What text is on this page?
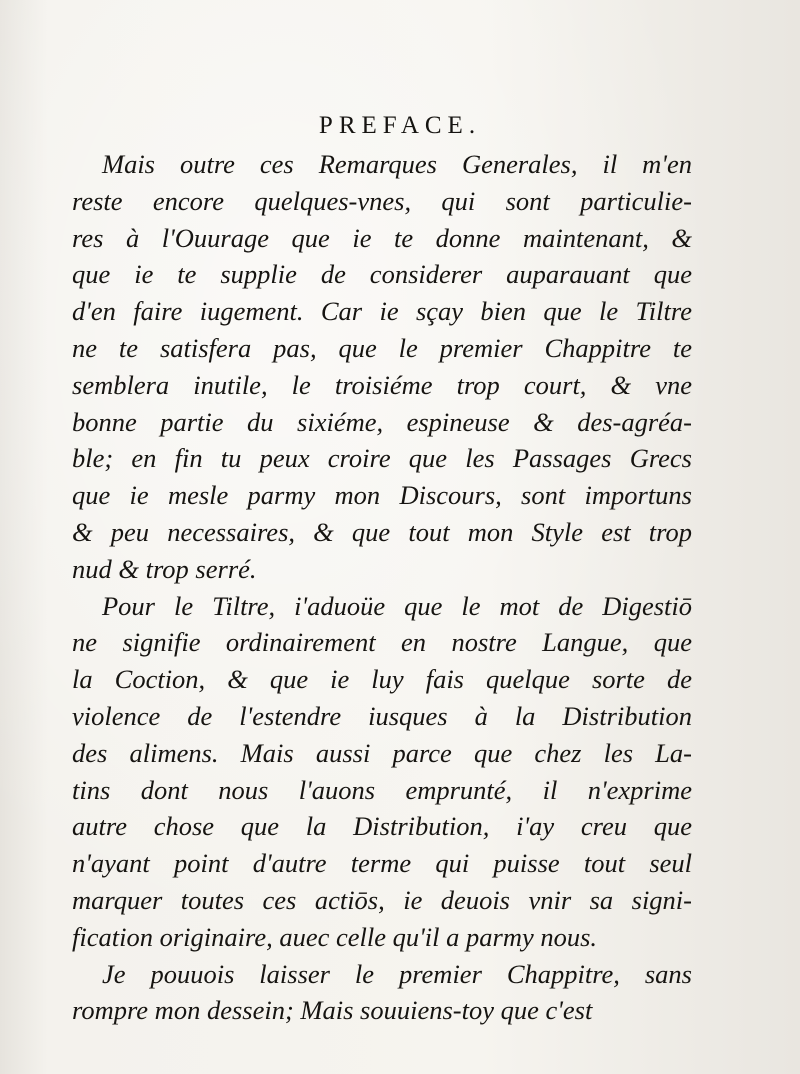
PREFACE.
Mais outre ces Remarques Generales, il m'en
reste encore quelques-vnes, qui sont particulie-
res à l'Ouurage que ie te donne maintenant, &
que ie te supplie de considerer auparauant que
d'en faire iugement. Car ie sçay bien que le Tiltre
ne te satisfera pas, que le premier Chappitre te
semblera inutile, le troisiéme trop court, & vne
bonne partie du sixiéme, espineuse & des-agréa-
ble; en fin tu peux croire que les Passages Grecs
que ie mesle parmy mon Discours, sont importuns
& peu necessaires, & que tout mon Style est trop
nud & trop serré.
Pour le Tiltre, i'aduoüe que le mot de Digestiō
ne signifie ordinairement en nostre Langue, que
la Coction, & que ie luy fais quelque sorte de
violence de l'estendre iusques à la Distribution
des alimens. Mais aussi parce que chez les La-
tins dont nous l'auons emprunté, il n'exprime
autre chose que la Distribution, i'ay creu que
n'ayant point d'autre terme qui puisse tout seul
marquer toutes ces actiōs, ie deuois vnir sa signi-
fication originaire, auec celle qu'il a parmy nous.
Je pouuois laisser le premier Chappitre, sans
rompre mon dessein; Mais souuiens-toy que c'est
